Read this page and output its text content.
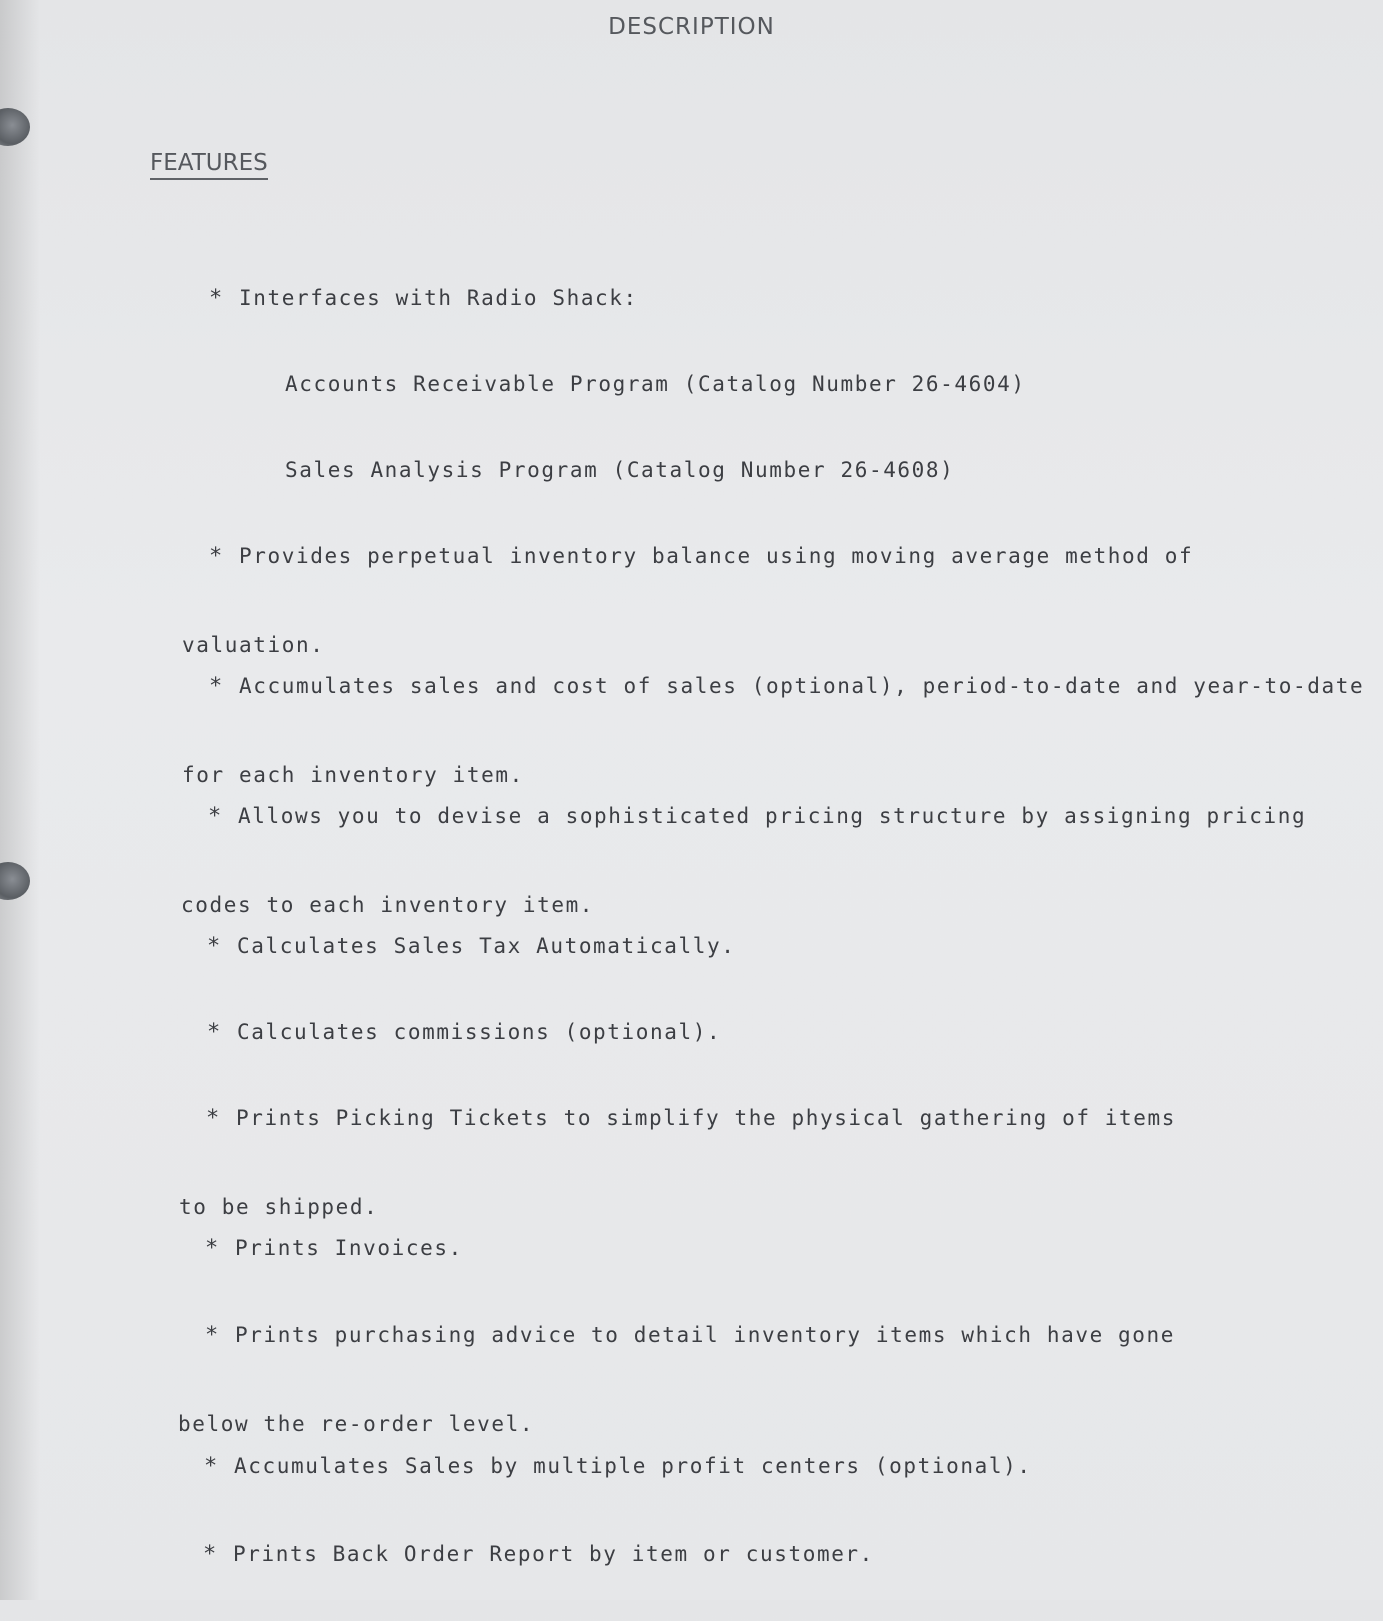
DESCRIPTION
FEATURES

* Interfaces with Radio Shack:

Accounts Receivable Program (Catalog Number 26-4604)

Sales Analysis Program (Catalog Number 26-4608)

* Provides perpetual inventory balance using moving average method of

valuation.

* Accumulates sales and cost of sales (optional), period-to-date and year-to-date

for each inventory item.

* Allows you to devise a sophisticated pricing structure by assigning pricing

codes to each inventory item.

* Calculates Sales Tax Automatically.

* Calculates commissions (optional).

* Prints Picking Tickets to simplify the physical gathering of items

to be shipped.

* Prints Invoices.

* Prints purchasing advice to detail inventory items which have gone

below the re-order level.

* Accumulates Sales by multiple profit centers (optional).

* Prints Back Order Report by item or customer.
